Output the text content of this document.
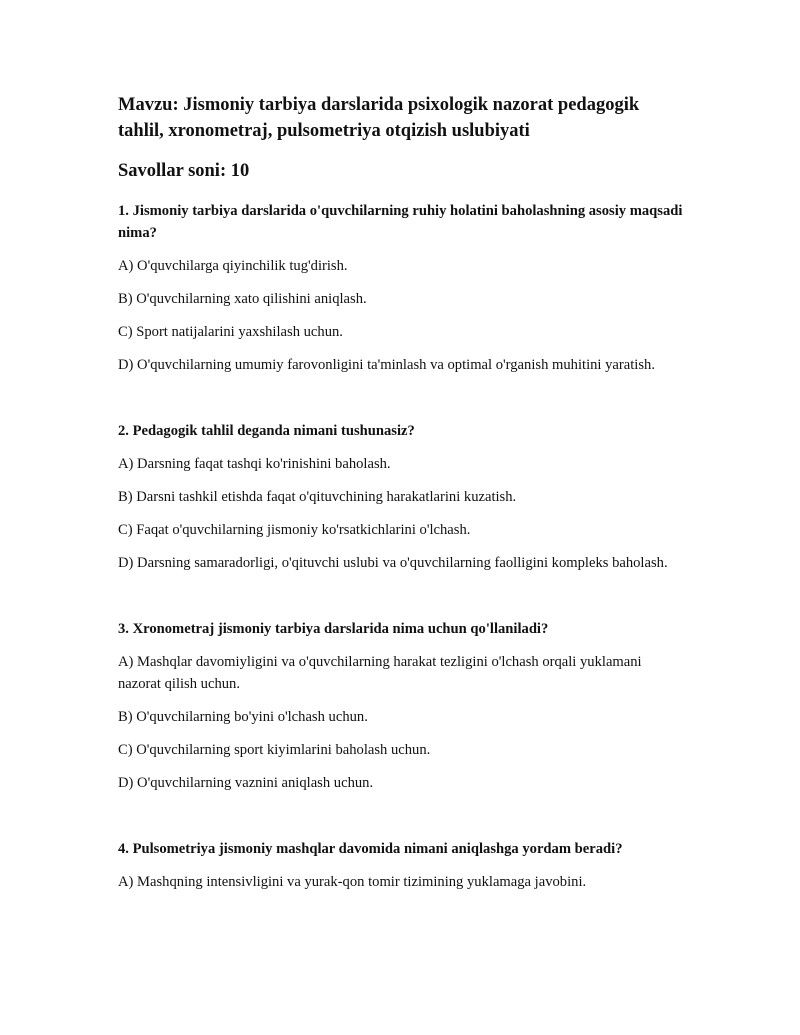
Mavzu: Jismoniy tarbiya darslarida psixologik nazorat pedagogik tahlil, xronometraj, pulsometriya otqizish uslubiyati
Savollar soni: 10
1. Jismoniy tarbiya darslarida o'quvchilarning ruhiy holatini baholashning asosiy maqsadi nima?
A) O'quvchilarga qiyinchilik tug'dirish.
B) O'quvchilarning xato qilishini aniqlash.
C) Sport natijalarini yaxshilash uchun.
D) O'quvchilarning umumiy farovonligini ta'minlash va optimal o'rganish muhitini yaratish.
2. Pedagogik tahlil deganda nimani tushunasiz?
A) Darsning faqat tashqi ko'rinishini baholash.
B) Darsni tashkil etishda faqat o'qituvchining harakatlarini kuzatish.
C) Faqat o'quvchilarning jismoniy ko'rsatkichlarini o'lchash.
D) Darsning samaradorligi, o'qituvchi uslubi va o'quvchilarning faolligini kompleks baholash.
3. Xronometraj jismoniy tarbiya darslarida nima uchun qo'llaniladi?
A) Mashqlar davomiyligini va o'quvchilarning harakat tezligini o'lchash orqali yuklamani nazorat qilish uchun.
B) O'quvchilarning bo'yini o'lchash uchun.
C) O'quvchilarning sport kiyimlarini baholash uchun.
D) O'quvchilarning vaznini aniqlash uchun.
4. Pulsometriya jismoniy mashqlar davomida nimani aniqlashga yordam beradi?
A) Mashqning intensivligini va yurak-qon tomir tizimining yuklamaga javobini.
